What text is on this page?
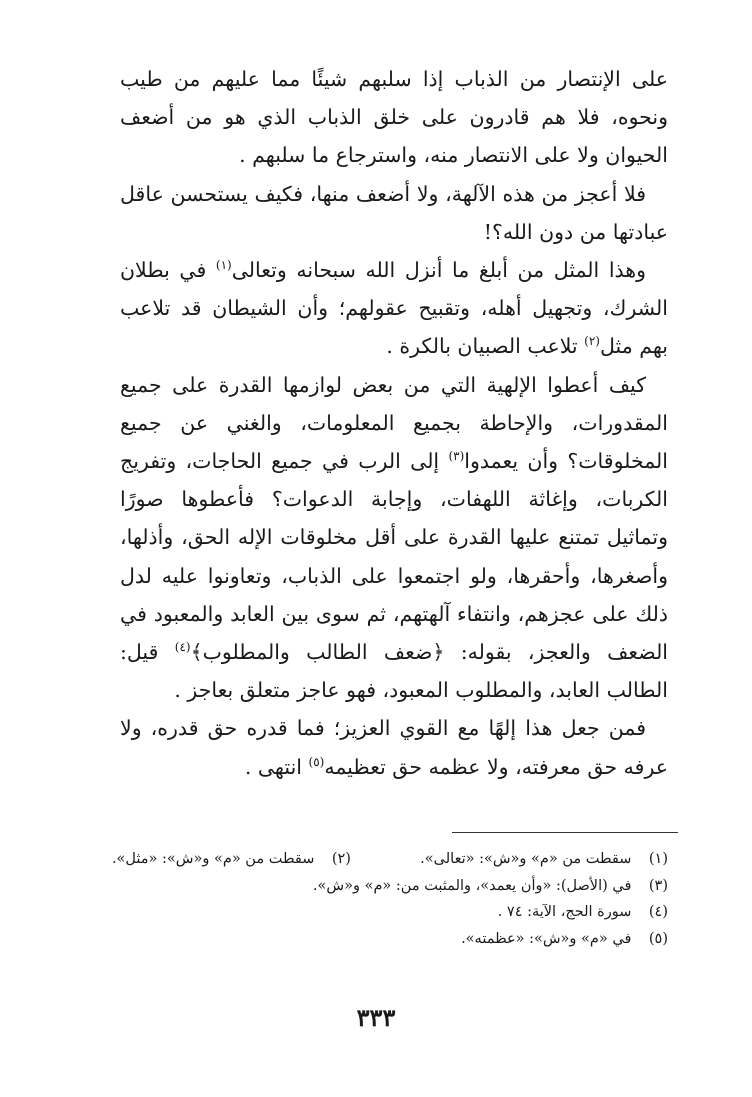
على الإنتصار من الذباب إذا سلبهم شيئًا مما عليهم من طيب ونحوه، فلا هم قادرون على خلق الذباب الذي هو من أضعف الحيوان ولا على الانتصار منه، واسترجاع ما سلبهم .

فلا أعجز من هذه الآلهة، ولا أضعف منها، فكيف يستحسن عاقل عبادتها من دون الله؟!

وهذا المثل من أبلغ ما أنزل الله سبحانه وتعالى$^{(١)}$ في بطلان الشرك، وتجهيل أهله، وتقبيح عقولهم؛ وأن الشيطان قد تلاعب بهم مثل$^{(٢)}$ تلاعب الصبيان بالكرة .

كيف أعطوا الإلهية التي من بعض لوازمها القدرة على جميع المقدورات، والإحاطة بجميع المعلومات، والغني عن جميع المخلوقات؟ وأن يعمدوا$^{(٣)}$ إلى الرب في جميع الحاجات، وتفريج الكربات، وإغاثة اللهفات، وإجابة الدعوات؟ فأعطوها صورًا وتماثيل تمتنع عليها القدرة على أقل مخلوقات الإله الحق، وأذلها، وأصغرها، وأحقرها، ولو اجتمعوا على الذباب، وتعاونوا عليه لدل ذلك على عجزهم، وانتفاء آلهتهم، ثم سوى بين العابد والمعبود في الضعف والعجز، بقوله: ﴿ضعف الطالب والمطلوب﴾$^{(٤)}$ قيل: الطالب العابد، والمطلوب المعبود، فهو عاجز متعلق بعاجز .

فمن جعل هذا إلهًا مع القوي العزيز؛ فما قدره حق قدره، ولا عرفه حق معرفته، ولا عظمه حق تعظيمه$^{(٥)}$ انتهى .

(١) سقطت من «م» و«ش»: «تعالى».  (٢) سقطت من «م» و«ش»: «مثل».
(٣) في (الأصل): «وأن يعمد»، والمثبت من: «م» و«ش».
(٤) سورة الحج، الآية: ٧٤ .
(٥) في «م» و«ش»: «عظمته».
٣٣٣
